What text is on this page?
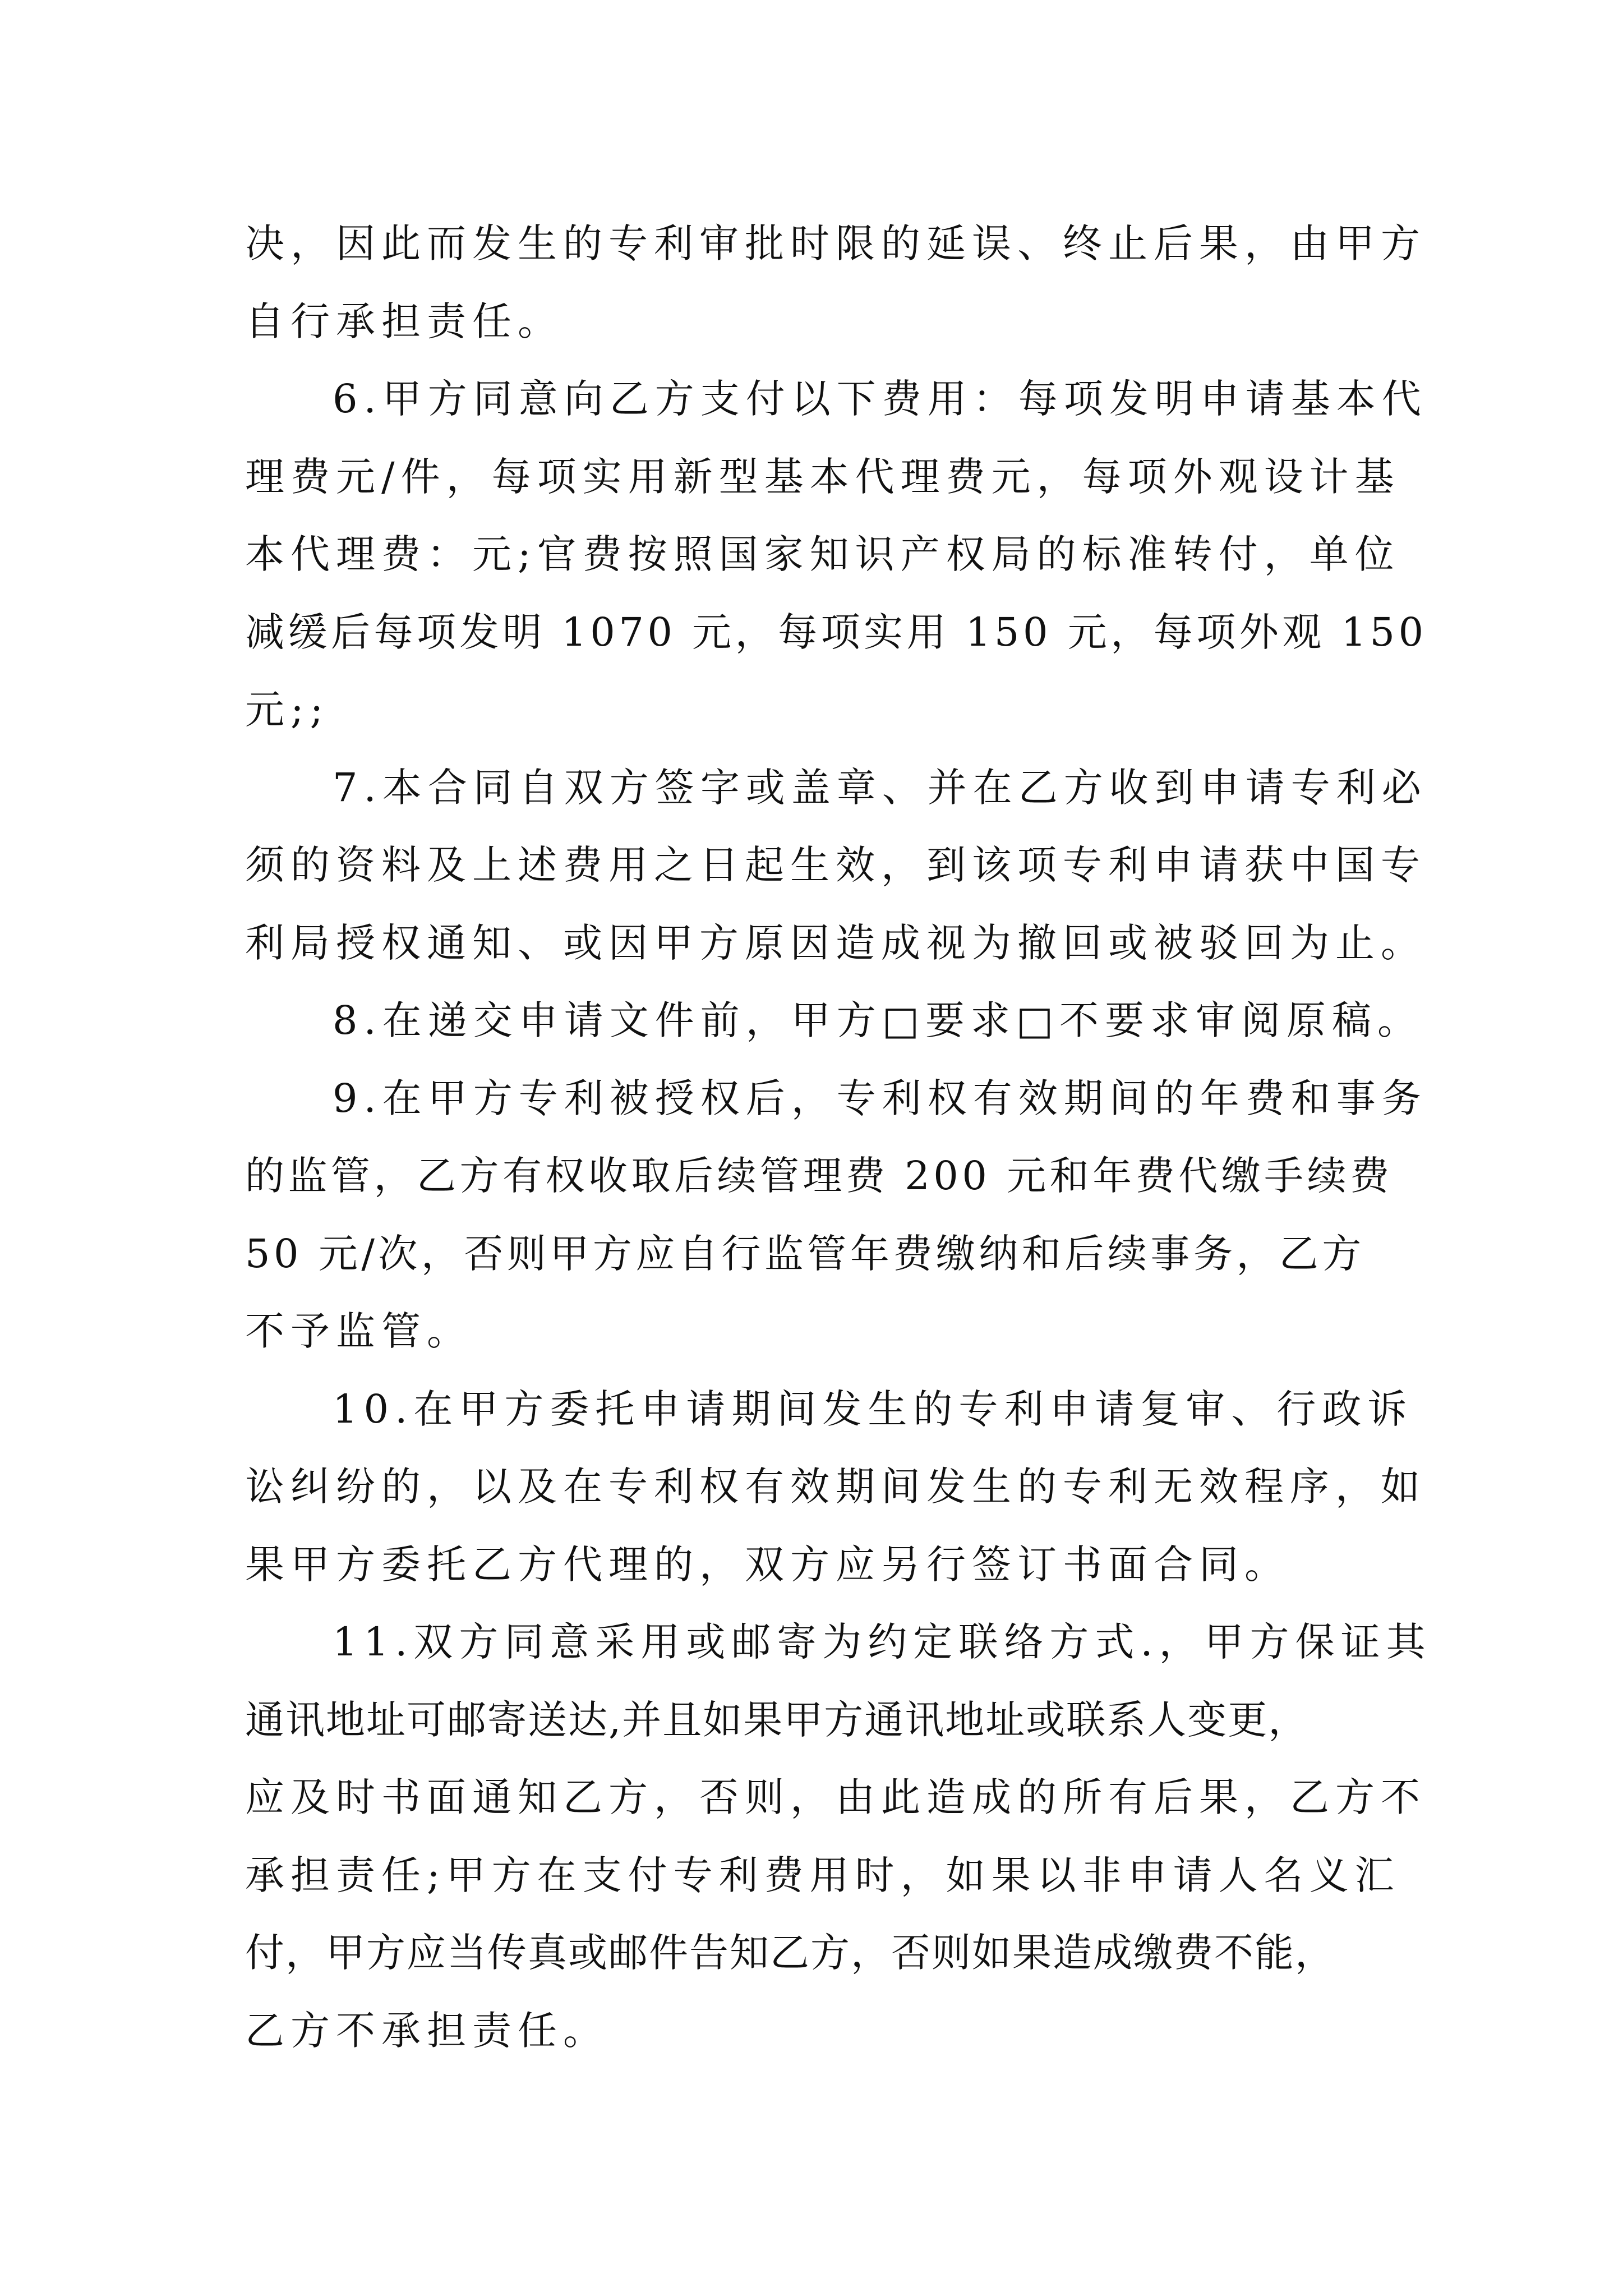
决，因此而发生的专利审批时限的延误、终止后果，由甲方
自行承担责任。

6.甲方同意向乙方支付以下费用：每项发明申请基本代
理费元/件，每项实用新型基本代理费元，每项外观设计基
本代理费：元;官费按照国家知识产权局的标准转付，单位
减缓后每项发明 1070 元，每项实用 150 元，每项外观 150
元;;

7.本合同自双方签字或盖章、并在乙方收到申请专利必
须的资料及上述费用之日起生效，到该项专利申请获中国专
利局授权通知、或因甲方原因造成视为撤回或被驳回为止。

8.在递交申请文件前，甲方□要求□不要求审阅原稿。

9.在甲方专利被授权后，专利权有效期间的年费和事务
的监管，乙方有权收取后续管理费 200 元和年费代缴手续费
50 元/次，否则甲方应自行监管年费缴纳和后续事务，乙方
不予监管。

10.在甲方委托申请期间发生的专利申请复审、行政诉
讼纠纷的，以及在专利权有效期间发生的专利无效程序，如
果甲方委托乙方代理的，双方应另行签订书面合同。

11.双方同意采用或邮寄为约定联络方式.，甲方保证其
通讯地址可邮寄送达,并且如果甲方通讯地址或联系人变更，
应及时书面通知乙方，否则，由此造成的所有后果，乙方不
承担责任;甲方在支付专利费用时，如果以非申请人名义汇
付，甲方应当传真或邮件告知乙方，否则如果造成缴费不能，
乙方不承担责任。
